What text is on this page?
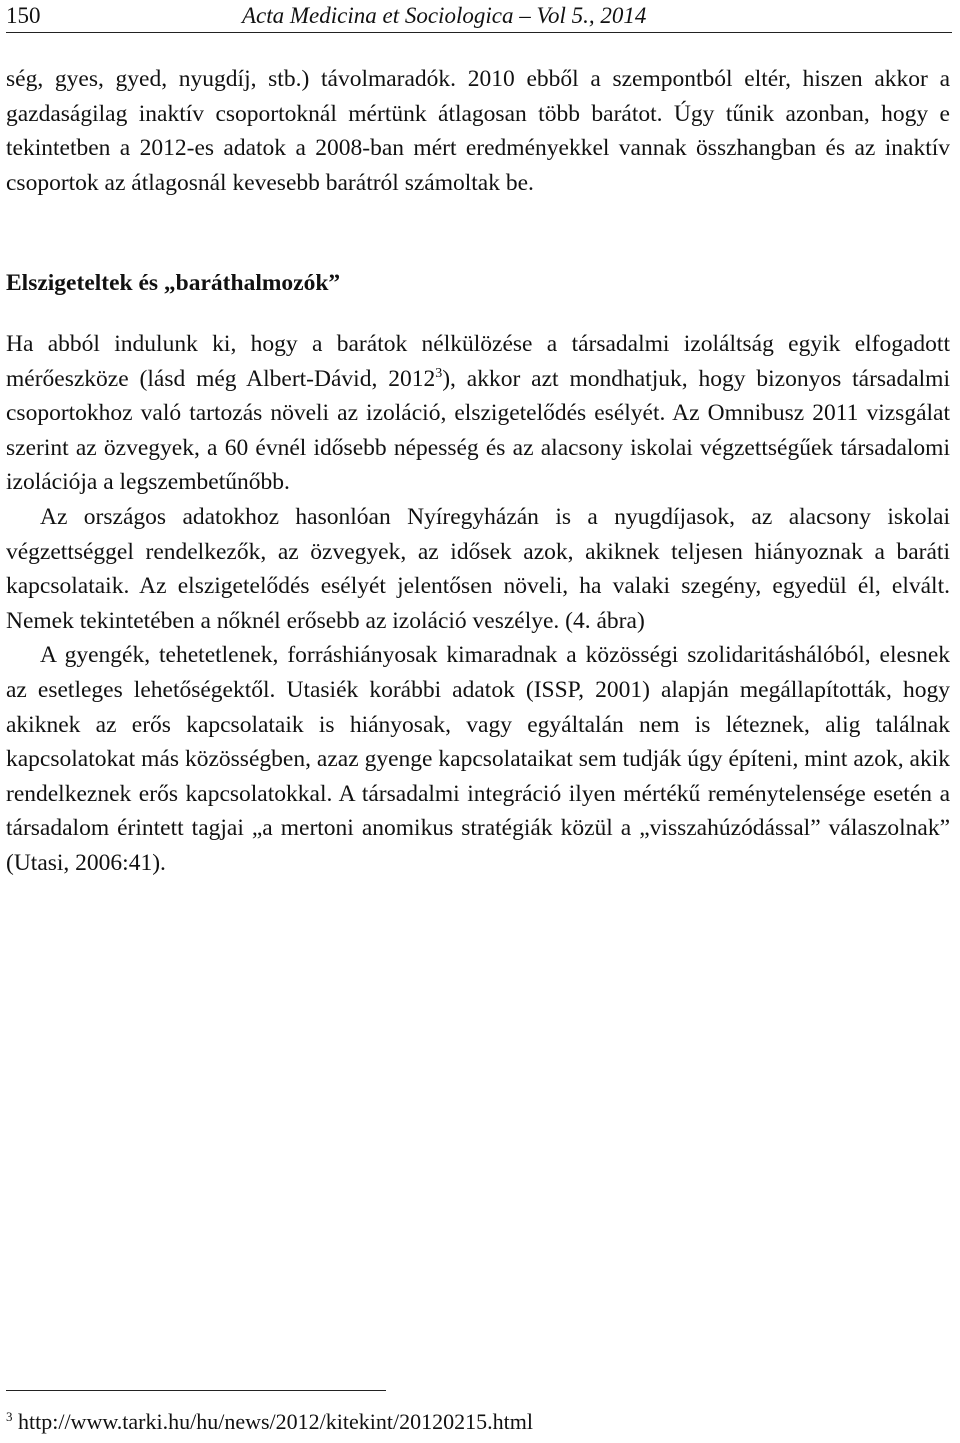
150	Acta Medicina et Sociologica – Vol 5., 2014

ség, gyes, gyed, nyugdíj, stb.) távolmaradók. 2010 ebből a szempontból eltér, hiszen akkor a gazdaságilag inaktív csoportoknál mértünk átlagosan több barátot. Úgy tűnik azonban, hogy e tekintetben a 2012-es adatok a 2008-ban mért eredményekkel vannak összhangban és az inaktív csoportok az átlagosnál kevesebb barátról számoltak be.

Elszigeteltek és „baráthalmozók”

Ha abból indulunk ki, hogy a barátok nélkülözése a társadalmi izoláltság egyik elfogadott mérőeszköze (lásd még Albert-Dávid, 2012$^3$), akkor azt mondhatjuk, hogy bizonyos társadalmi csoportokhoz való tartozás növeli az izoláció, elszigetelődés esélyét. Az Omnibusz 2011 vizsgálat szerint az özvegyek, a 60 évnél idősebb népesség és az alacsony iskolai végzettségűek társadalomi izolációja a legszembetűnőbb.

Az országos adatokhoz hasonlóan Nyíregyházán is a nyugdíjasok, az alacsony iskolai végzettséggel rendelkezők, az özvegyek, az idősek azok, akiknek teljesen hiányoznak a baráti kapcsolataik. Az elszigetelődés esélyét jelentősen növeli, ha valaki szegény, egyedül él, elvált. Nemek tekintetében a nőknél erősebb az izoláció veszélye. (4. ábra)

A gyengék, tehetetlenek, forráshiányosak kimaradnak a közösségi szolidaritáshálóból, elesnek az esetleges lehetőségektől. Utasiék korábbi adatok (ISSP, 2001) alapján megállapították, hogy akiknek az erős kapcsolataik is hiányosak, vagy egyáltalán nem is léteznek, alig találnak kapcsolatokat más közösségben, azaz gyenge kapcsolataikat sem tudják úgy építeni, mint azok, akik rendelkeznek erős kapcsolatokkal. A társadalmi integráció ilyen mértékű reménytelensége esetén a társadalom érintett tagjai „a mertoni anomikus stratégiák közül a „visszahúzódással” válaszolnak” (Utasi, 2006:41).

$^3$ http://www.tarki.hu/hu/news/2012/kitekint/20120215.html
